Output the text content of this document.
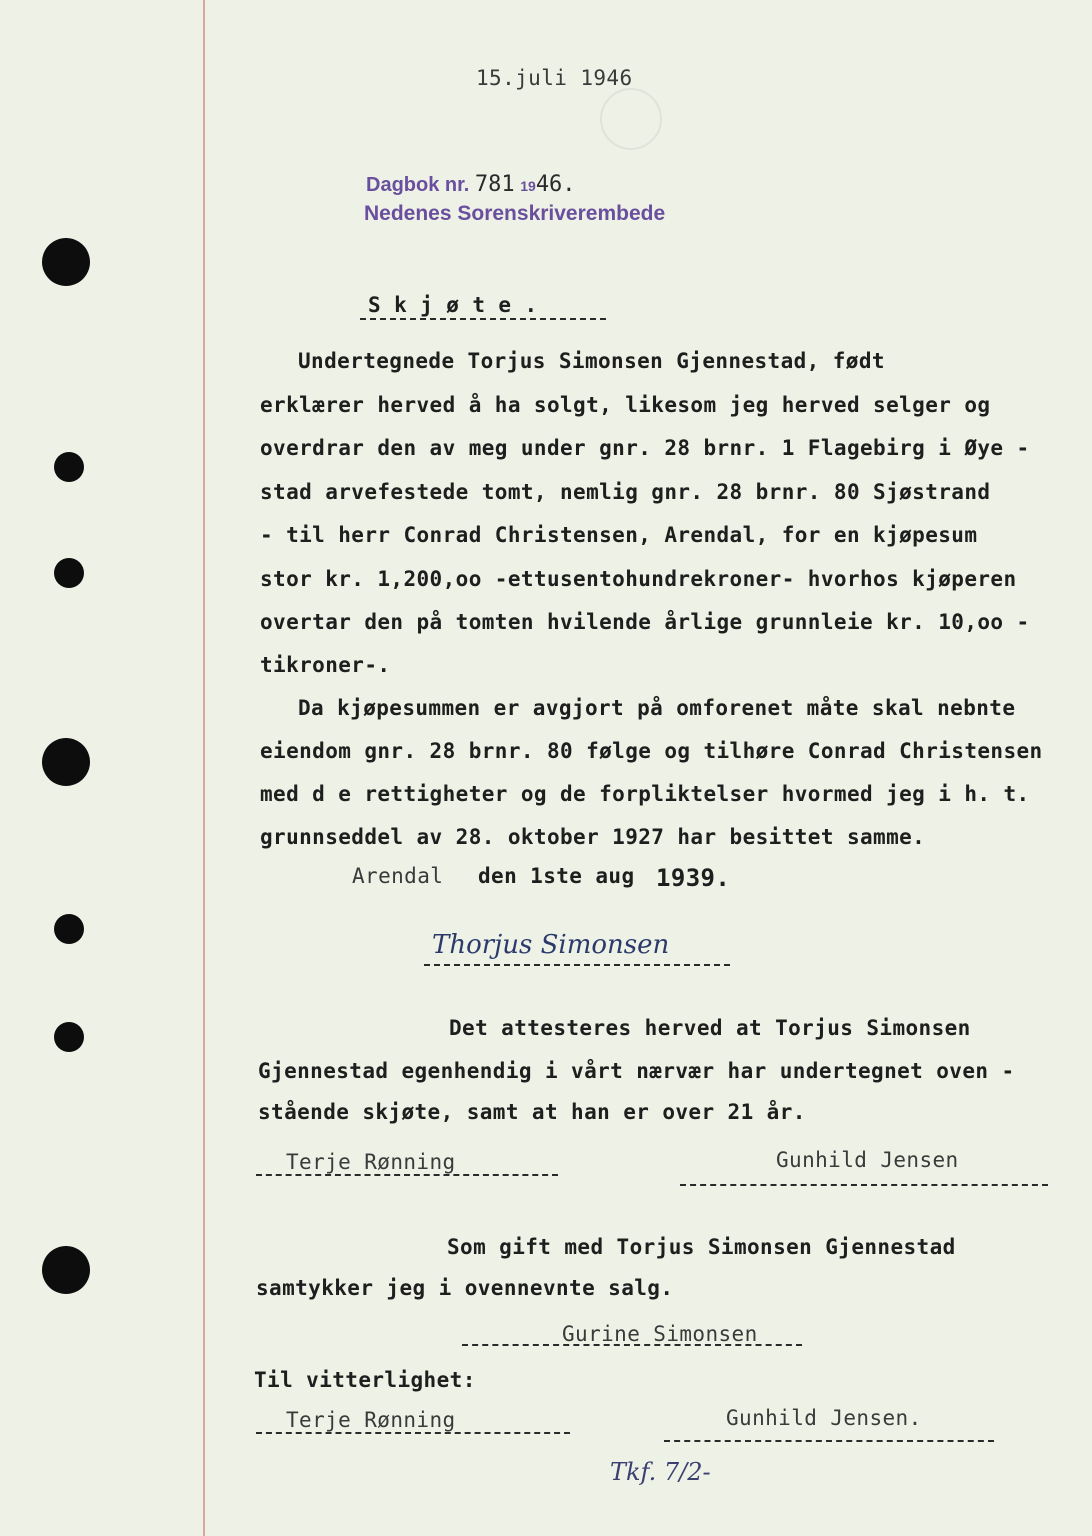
15.juli 1946
Dagbok nr. 781 1946.
Nedenes Sorenskriverembede
S k j ø t e .
Undertegnede Torjus Simonsen Gjennestad, født
erklærer herved å ha solgt, likesom jeg herved selger og
overdrar den av meg under gnr. 28 brnr. 1 Flagebirg i Øye -
stad arvefestede tomt, nemlig gnr. 28 brnr. 80 Sjøstrand
- til herr Conrad Christensen, Arendal, for en kjøpesum
stor kr. 1,200,oo -ettusentohundrekroner- hvorhos kjøperen
overtar den på tomten hvilende årlige grunnleie kr. 10,oo -
tikroner-.
Da kjøpesummen er avgjort på omforenet måte skal nebnte
eiendom gnr. 28 brnr. 80 følge og tilhøre Conrad Christensen
med d e rettigheter og de forpliktelser hvormed jeg i h. t.
grunnseddel av 28. oktober 1927 har besittet samme.
Arendal den 1ste aug 1939.
Thorjus Simonsen
Det attesteres herved at Torjus Simonsen
Gjennestad egenhendig i vårt nærvær har undertegnet oven -
stående skjøte, samt at han er over 21 år.
Terje Rønning	Gunhild Jensen
Som gift med Torjus Simonsen Gjennestad
samtykker jeg i ovennevnte salg.
Gurine Simonsen
Til vitterlighet:
Terje Rønning	Gunhild Jensen.
Tkf. 7/2-
